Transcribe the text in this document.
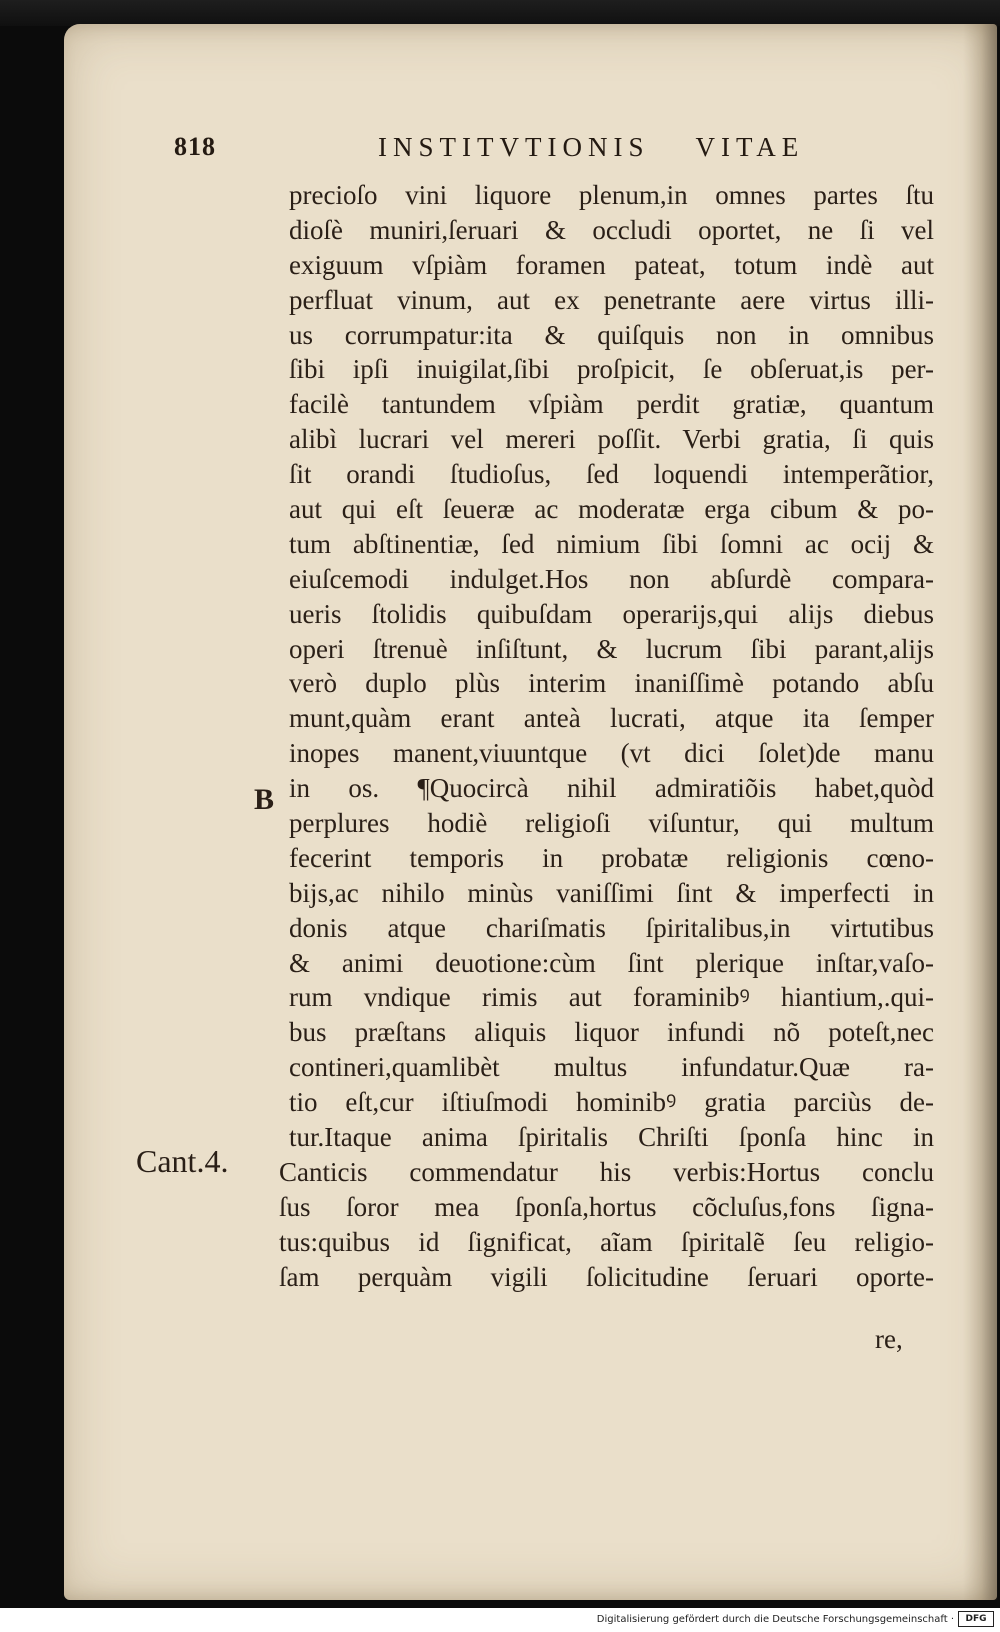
818	INSTITVTIONIS VITAE
precioſo vini liquore plenum,in omnes partes ſtu
dioſè muniri,ſeruari & occludi oportet, ne ſi vel
exiguum vſpiàm foramen pateat, totum indè aut
perfluat vinum, aut ex penetrante aere virtus illi-
us corrumpatur:ita & quiſquis non in omnibus
ſibi ipſi inuigilat,ſibi proſpicit, ſe obſeruat,is per-
facilè tantundem vſpiàm perdit gratiæ, quantum
alibì lucrari vel mereri poſſit. Verbi gratia, ſi quis
ſit orandi ſtudioſus, ſed loquendi intemperãtior,
aut qui eſt ſeueræ ac moderatæ erga cibum & po-
tum abſtinentiæ, ſed nimium ſibi ſomni ac ocij &
eiuſcemodi indulget.Hos non abſurdè compara-
ueris ſtolidis quibuſdam operarijs,qui alijs diebus
operi ſtrenuè inſiſtunt, & lucrum ſibi parant,alijs
verò duplo plùs interim inaniſſimè potando abſu
munt,quàm erant anteà lucrati, atque ita ſemper
inopes manent,viuuntque (vt dici ſolet)de manu
in os. ¶Quocircà nihil admiratiõis habet,quòd
perplures hodiè religioſi viſuntur, qui multum
fecerint temporis in probatæ religionis cœno-
bijs,ac nihilo minùs vaniſſimi ſint & imperfecti in
donis atque chariſmatis ſpiritalibus,in virtutibus
& animi deuotione:cùm ſint plerique inſtar,vaſo-
rum vndique rimis aut foraminibꝰ hiantium,.qui-
bus præſtans aliquis liquor infundi nõ poteſt,nec
contineri,quamlibèt multus infundatur.Quæ ra-
tio eſt,cur iſtiuſmodi hominibꝰ gratia parciùs de-
tur.Itaque anima ſpiritalis Chriſti ſponſa hinc in
Canticis commendatur his verbis:Hortus conclu
ſus ſoror mea ſponſa,hortus cõcluſus,fons ſigna-
tus:quibus id ſignificat, aĩam ſpiritalẽ ſeu religio-
ſam perquàm vigili ſolicitudine ſeruari oporte-
re,
B
Cant.4.
Digitalisierung gefördert durch die Deutsche Forschungsgemeinschaft ·	DFG
